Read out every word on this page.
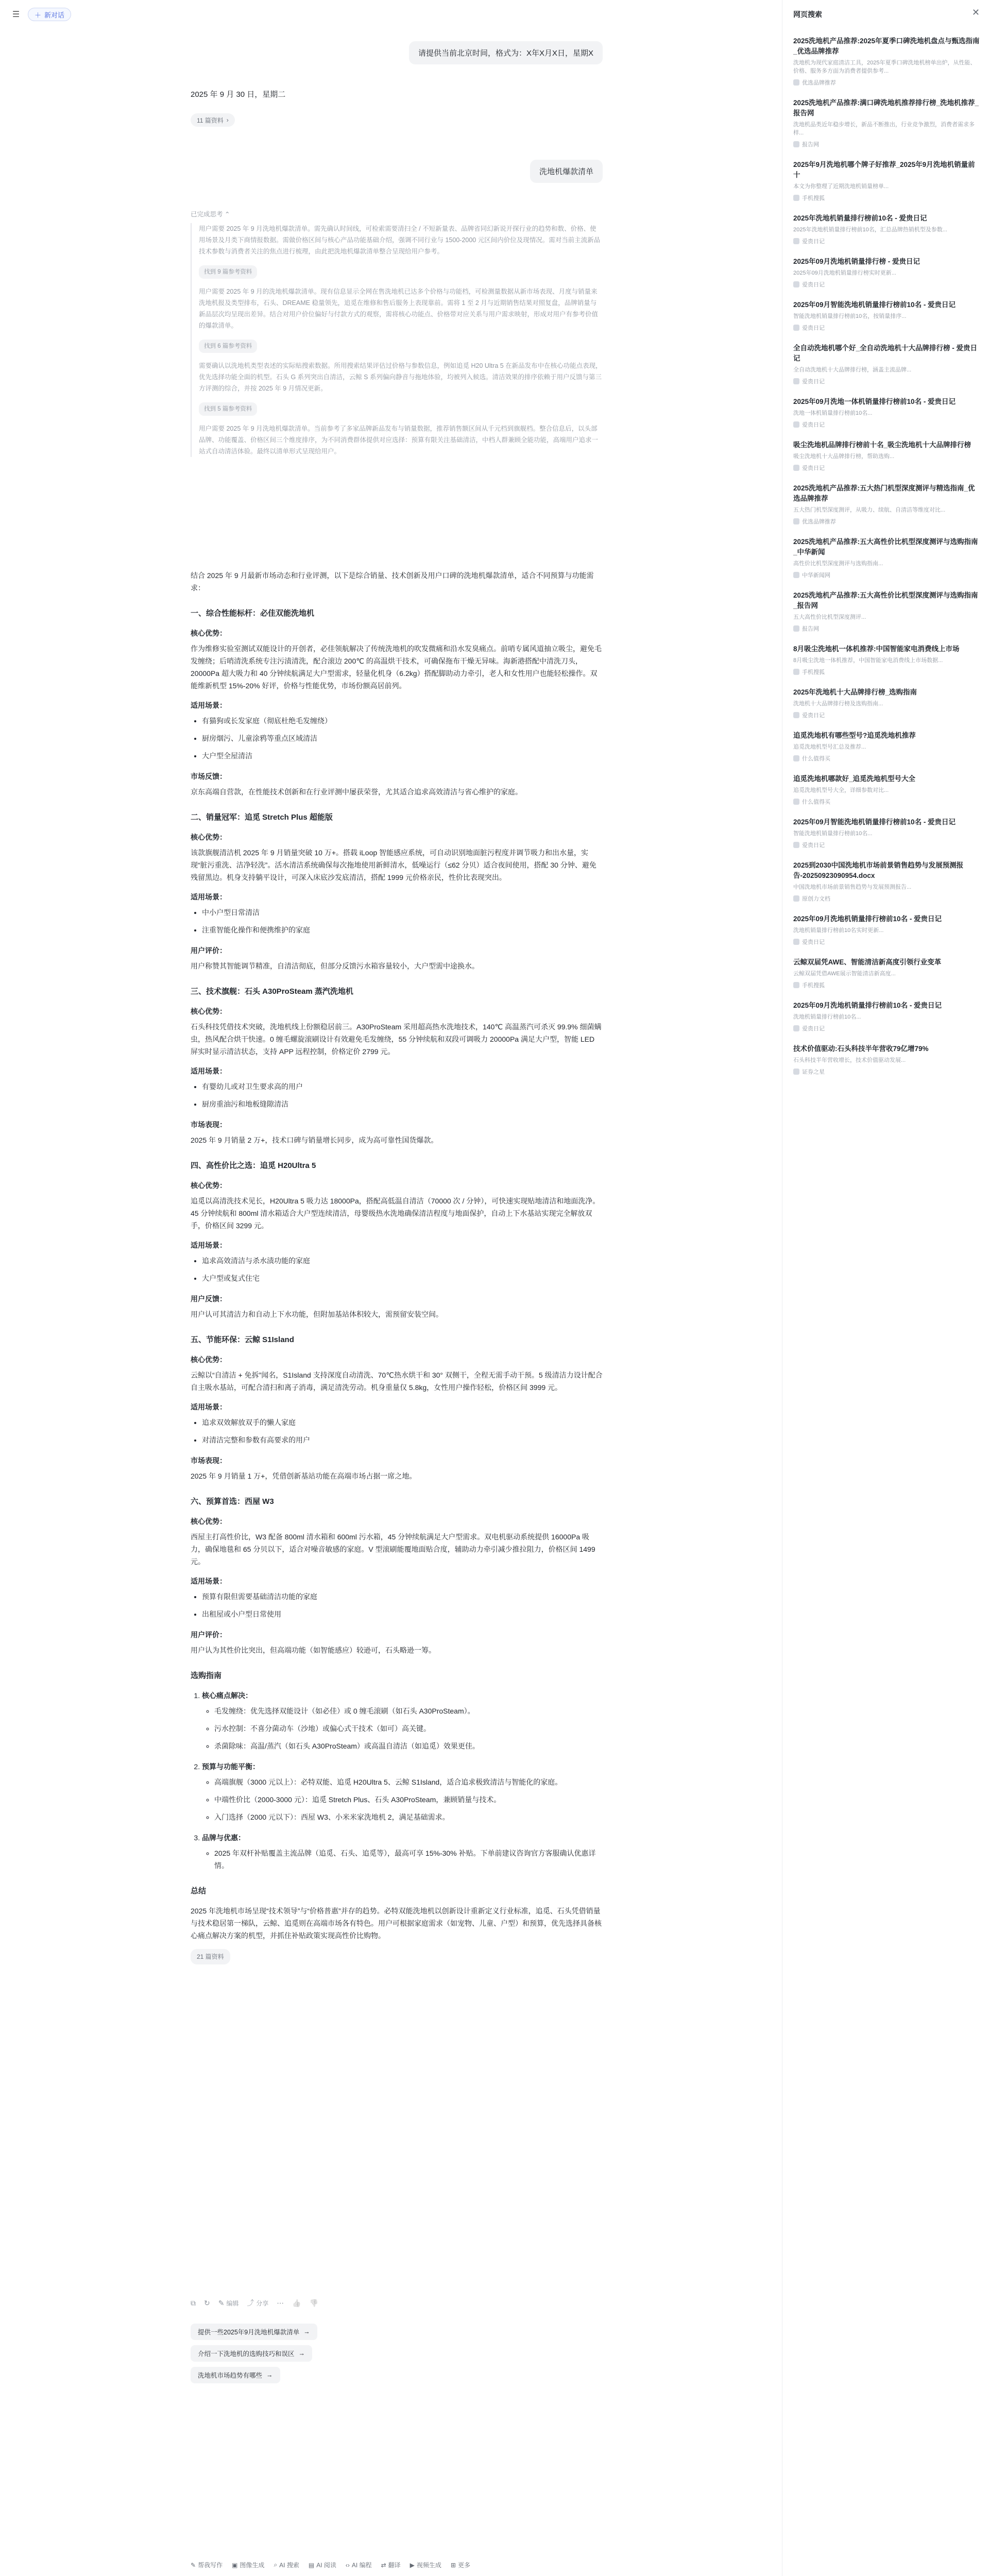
☰	＋ 新对话
请提供当前北京时间，格式为：X年X月X日，星期X
2025 年 9 月 30 日，星期二
11 篇资料 ›
洗地机爆款清单
已完成思考 ⌃

用户需要 2025 年 9 月洗地机爆款清单。需先确认时间线，可检索需要清扫全 / 不短新量表、品牌省同幻新说开探行业的趋势和数、价格、使用场景及月类下商情报数据。需做价格区间与核心产品功能基础介绍，强调不同行业与 1500-2000 元区间内价位及现情况。需对当前主流新品技术参数与消费者关注的焦点进行梳理，由此把洗地机爆款清单整合呈现给用户参考。

找到 9 篇参考资料

用户需要 2025 年 9 月的洗地机爆款清单。现有信息显示全网在售洗地机已达多个价格与功能档，可检测量数据从新市场表现、月度与销量来洗地机报及类型排布，石头、DREAME 稳量领先，追觅在维修和售后服务上表现靠前。需将 1 至 2 月与近期销售结果对照复盘，品牌销量与新品层次均呈现出差异。结合对用户价位偏好与付款方式的观察，需将核心功能点、价格带对应关系与用户需求映射，形成对用户有参考价值的爆款清单。

找到 6 篇参考资料

需要确认以洗地机类型表述的实际贴搜索数据。所用搜索结果评估过价格与参数信息，例如追觅 H20 Ultra 5 在新品发布中在核心功能点表现，优先选择功能全面的机型。石头 G 系列突出自清洁，云鲸 S 系列偏向静音与拖地体验，均被列入候选。清洁效果的排序依赖于用户反馈与第三方评测的综合，并按 2025 年 9 月情况更新。

找到 5 篇参考资料

用户需要 2025 年 9 月洗地机爆款清单。当前参考了多家品牌新品发布与销量数据，推荐销售额区间从千元档到旗舰档。整合信息后，以头部品牌、功能覆盖、价格区间三个维度排序，为不同消费群体提供对应选择：预算有限关注基础清洁，中档人群兼顾全能功能，高端用户追求一站式自动清洁体验。最终以清单形式呈现给用户。

结合 2025 年 9 月最新市场动态和行业评测，以下是综合销量、技术创新及用户口碑的洗地机爆款清单，适合不同预算与功能需求：

一、综合性能标杆：必佳双能洗地机
核心优势：

作为维修实验室测试双能设计的开创者，必佳领航解决了传统洗地机的吹发微痛和沿水发臭痛点。前哨专属风道抽立吸尘，避免毛发缠绕；后哨清洗系统专注污渍清洗，配合滚边 200℃ 的高温烘干技术，可确保拖布干燥无异味。海新港搭配中清洗刀头，20000Pa 超大吸力和 40 分钟续航满足大户型需求，轻量化机身（6.2kg）搭配脚助动力牵引，老人和女性用户也能轻松操作。双能维新机型 15%-20% 好评，价格与性能优势，市场份额高居前列。

适用场景：
• 有猫狗或长发家庭（彻底杜绝毛发缠绕）
• 厨房烟污、儿童涂鸦等重点区域清洁
• 大户型全屋清洁
市场反馈：

京东高端自营款，在性能技术创新和在行业评测中屡获荣誉，尤其适合追求高效清洁与省心维护的家庭。

二、销量冠军：追觅 Stretch Plus 超能版
核心优势：

该款旗舰清洁机 2025 年 9 月销量突破 10 万+。搭载 iLoop 智能感应系统，可自动识别地面脏污程度并调节吸力和出水量，实现“脏污重洗、洁净轻洗”。活水清洁系统确保每次拖地使用新鲜清水，低噪运行（≤62 分贝）适合夜间使用，搭配 30 分钟、避免残留黑边。机身支持躺平设计，可深入床底沙发底清洁，搭配 1999 元价格亲民，性价比表现突出。

适用场景：
• 中小户型日常清洁
• 注重智能化操作和便携维护的家庭
用户评价：

用户称赞其智能调节精准，自清洁彻底，但部分反馈污水箱容量较小，大户型需中途换水。

三、技术旗舰：石头 A30ProSteam 蒸汽洗地机
核心优势：

石头科技凭借技术突破，洗地机线上份额稳居前三。A30ProSteam 采用超高热水洗地技术，140℃ 高温蒸汽可杀灭 99.9% 细菌螨虫，热风配合烘干快速。0 缠毛螺旋滚刷设计有效避免毛发缠绕，55 分钟续航和双段可调吸力 20000Pa 满足大户型，智能 LED 屏实时显示清洁状态，支持 APP 远程控制，价格定价 2799 元。

适用场景：
• 有婴幼儿或对卫生要求高的用户
• 厨房重油污和地板缝隙清洁
市场表现：

2025 年 9 月销量 2 万+，技术口碑与销量增长同步，成为高可靠性国货爆款。

四、高性价比之选：追觅 H20Ultra 5
核心优势：

追觅以高清洗技术见长，H20Ultra 5 吸力达 18000Pa，搭配高低温自清洁（70000 次 / 分钟），可快速实现贴地清洁和地面洗净。45 分钟续航和 800ml 清水箱适合大户型连续清洁，母婴级热水洗地确保清洁程度与地面保护，自动上下水基站实现完全解放双手，价格区间 3299 元。

适用场景：
• 追求高效清洁与杀水渍功能的家庭
• 大户型或复式住宅
用户反馈：

用户认可其清洁力和自动上下水功能，但附加基站体积较大，需预留安装空间。

五、节能环保：云鲸 S1Island
核心优势：

云鲸以“自清洁 + 免拆”闻名，S1Island 支持深度自动清洗、70℃热水烘干和 30° 双侧干，全程无需手动干预。5 级清洁力设计配合自主吸水基站，可配合清扫和离子消毒，满足清洗劳动。机身重量仅 5.8kg，女性用户操作轻松，价格区间 3999 元。

适用场景：
• 追求双效解放双手的懒人家庭
• 对清洁完整和参数有高要求的用户
市场表现：

2025 年 9 月销量 1 万+，凭借创新基站功能在高端市场占据一席之地。

六、预算首选：西屋 W3
核心优势：

西屋主打高性价比，W3 配备 800ml 清水箱和 600ml 污水箱，45 分钟续航满足大户型需求。双电机驱动系统提供 16000Pa 吸力，确保地毯和 65 分贝以下，适合对噪音敏感的家庭。V 型滚刷能覆地面贴合度，辅助动力牵引减少推拉阻力，价格区间 1499 元。

适用场景：
• 预算有限但需要基础清洁功能的家庭
• 出租屋或小户型日常使用
用户评价：

用户认为其性价比突出，但高端功能（如智能感应）较逊可，石头略逊一筹。

选购指南
1. 核心痛点解决：
◦ 毛发缠绕：优先选择双能设计（如必佳）或 0 缠毛滚刷（如石头 A30ProSteam）。
◦ 污水控制：不喜分菌动车（沙地）或偏心式干技术（如可）高关键。
◦ 杀菌除味：高温/蒸汽（如石头 A30ProSteam）或高温自清洁（如追觅）效果更佳。
2. 预算与功能平衡：
◦ 高端旗舰（3000 元以上）：必特双能、追觅 H20Ultra 5、云鲸 S1Island，适合追求极致清洁与智能化的家庭。
◦ 中端性价比（2000-3000 元）：追觅 Stretch Plus、石头 A30ProSteam，兼顾销量与技术。
◦ 入门选择（2000 元以下）：西屋 W3、小米米家洗地机 2，满足基础需求。
3. 品牌与优惠：
◦ 2025 年双杆补贴覆盖主流品牌（追觅、石头、追觅等），最高可享 15%-30% 补贴。下单前建议咨询官方客服确认优惠详情。
总结

2025 年洗地机市场呈现“技术领导”与“价格普惠”并存的趋势。必特双能洗地机以创新设计重新定义行业标准，追觅、石头凭借销量与技术稳居第一梯队，云鲸、追觅则在高端市场各有特色。用户可根据家庭需求（如宠物、儿童、户型）和预算，优先选择具备核心痛点解决方案的机型，并抓住补贴政策实现高性价比购物。

21 篇资料
⧉ ↻ ✎ 编辑 ⤴ 分享 ⋯ 👍 👎
提供一些2025年9月洗地机爆款清单 →
介绍一下洗地机的选购技巧和误区 →
洗地机市场趋势有哪些 →
✎ 帮我写作 ▣ 图像生成 ⌕ AI 搜索 ▤ AI 阅读 ‹› AI 编程 ⇄ 翻译 ▶ 视频生成 ⊞ 更多
网页搜索	✕
2025洗地机产品推荐:2025年夏季口碑洗地机盘点与甄选指南_优选品牌推荐
洗地机为现代家庭清洁工具，2025年夏季口碑洗地机榜单出炉，从性能、价格、服务多方面为消费者提供参考...
优选品牌推荐
2025洗地机产品推荐:满口碑洗地机推荐排行榜_洗地机推荐_报告网
洗地机品类近年稳步增长，新品不断推出，行业竞争激烈，消费者需求多样...
报告网
2025年9月洗地机哪个牌子好推荐_2025年9月洗地机销量前十
本文为你整理了近期洗地机销量榜单...
手机搜狐
2025年洗地机销量排行榜前10名 - 爱贵日记
2025年洗地机销量排行榜前10名，汇总品牌热销机型及参数...
爱贵日记
2025年09月洗地机销量排行榜 - 爱贵日记
2025年09月洗地机销量排行榜实时更新...
爱贵日记
2025年09月智能洗地机销量排行榜前10名 - 爱贵日记
智能洗地机销量排行榜前10名，按销量排序...
爱贵日记
全自动洗地机哪个好_全自动洗地机十大品牌排行榜 - 爱贵日记
全自动洗地机十大品牌排行榜，涵盖主流品牌...
爱贵日记
2025年09月洗地一体机销量排行榜前10名 - 爱贵日记
洗地一体机销量排行榜前10名...
爱贵日记
吸尘洗地机品牌排行榜前十名_吸尘洗地机十大品牌排行榜
吸尘洗地机十大品牌排行榜，帮助选购...
爱贵日记
2025洗地机产品推荐:五大热门机型深度测评与精选指南_优选品牌推荐
五大热门机型深度测评，从吸力、续航、自清洁等维度对比...
优选品牌推荐
2025洗地机产品推荐:五大高性价比机型深度测评与选购指南_中华新闻
高性价比机型深度测评与选购指南...
中华新闻网
2025洗地机产品推荐:五大高性价比机型深度测评与选购指南_报告网
五大高性价比机型深度测评...
报告网
8月吸尘洗地机一体机推荐:中国智能家电消费线上市场
8月吸尘洗地一体机推荐，中国智能家电消费线上市场数据...
手机搜狐
2025年洗地机十大品牌排行榜_选购指南
洗地机十大品牌排行榜及选购指南...
爱贵日记
追觅洗地机有哪些型号?追觅洗地机推荐
追觅洗地机型号汇总及推荐...
什么值得买
追觅洗地机哪款好_追觅洗地机型号大全
追觅洗地机型号大全，详细参数对比...
什么值得买
2025年09月智能洗地机销量排行榜前10名 - 爱贵日记
智能洗地机销量排行榜前10名...
爱贵日记
2025到2030中国洗地机市场前景销售趋势与发展预测报告-20250923090954.docx
中国洗地机市场前景销售趋势与发展预测报告...
原创力文档
2025年09月洗地机销量排行榜前10名 - 爱贵日记
洗地机销量排行榜前10名实时更新...
爱贵日记
云鲸双届凭AWE、智能清洁新高度引领行业变革
云鲸双届凭借AWE展示智能清洁新高度...
手机搜狐
2025年09月洗地机销量排行榜前10名 - 爱贵日记
洗地机销量排行榜前10名...
爱贵日记
技术价值驱动:石头科技半年营收79亿增79%
石头科技半年营收增长，技术价值驱动发展...
证券之星
